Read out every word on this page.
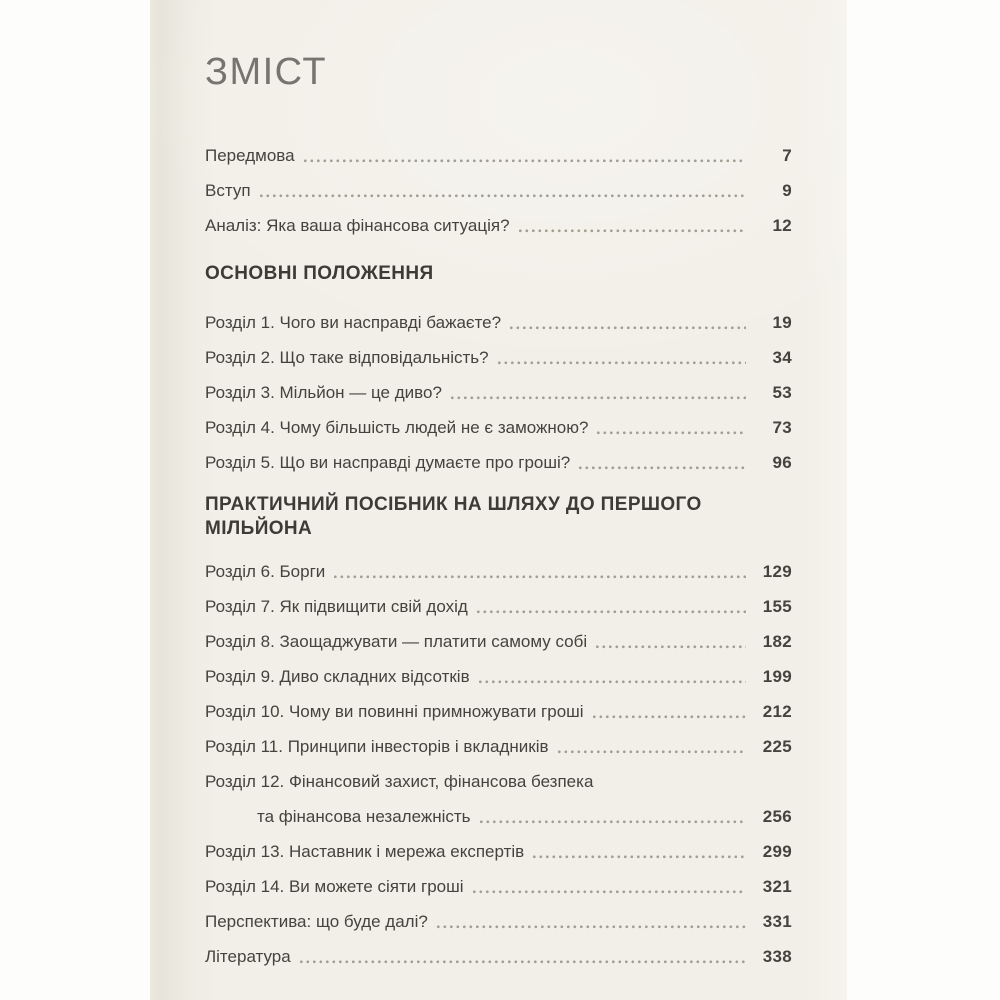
ЗМІСТ
Передмова	7
Вступ	9
Аналіз: Яка ваша фінансова ситуація?	12
ОСНОВНІ ПОЛОЖЕННЯ
Розділ 1. Чого ви насправді бажаєте?	19
Розділ 2. Що таке відповідальність?	34
Розділ 3. Мільйон — це диво?	53
Розділ 4. Чому більшість людей не є заможною?	73
Розділ 5. Що ви насправді думаєте про гроші?	96
ПРАКТИЧНИЙ ПОСІБНИК НА ШЛЯХУ ДО ПЕРШОГО МІЛЬЙОНА
Розділ 6. Борги	129
Розділ 7. Як підвищити свій дохід	155
Розділ 8. Заощаджувати — платити самому собі	182
Розділ 9. Диво складних відсотків	199
Розділ 10. Чому ви повинні примножувати гроші	212
Розділ 11. Принципи інвесторів і вкладників	225
Розділ 12. Фінансовий захист, фінансова безпека
та фінансова незалежність	256
Розділ 13. Наставник і мережа експертів	299
Розділ 14. Ви можете сіяти гроші	321
Перспектива: що буде далі?	331
Література	338
